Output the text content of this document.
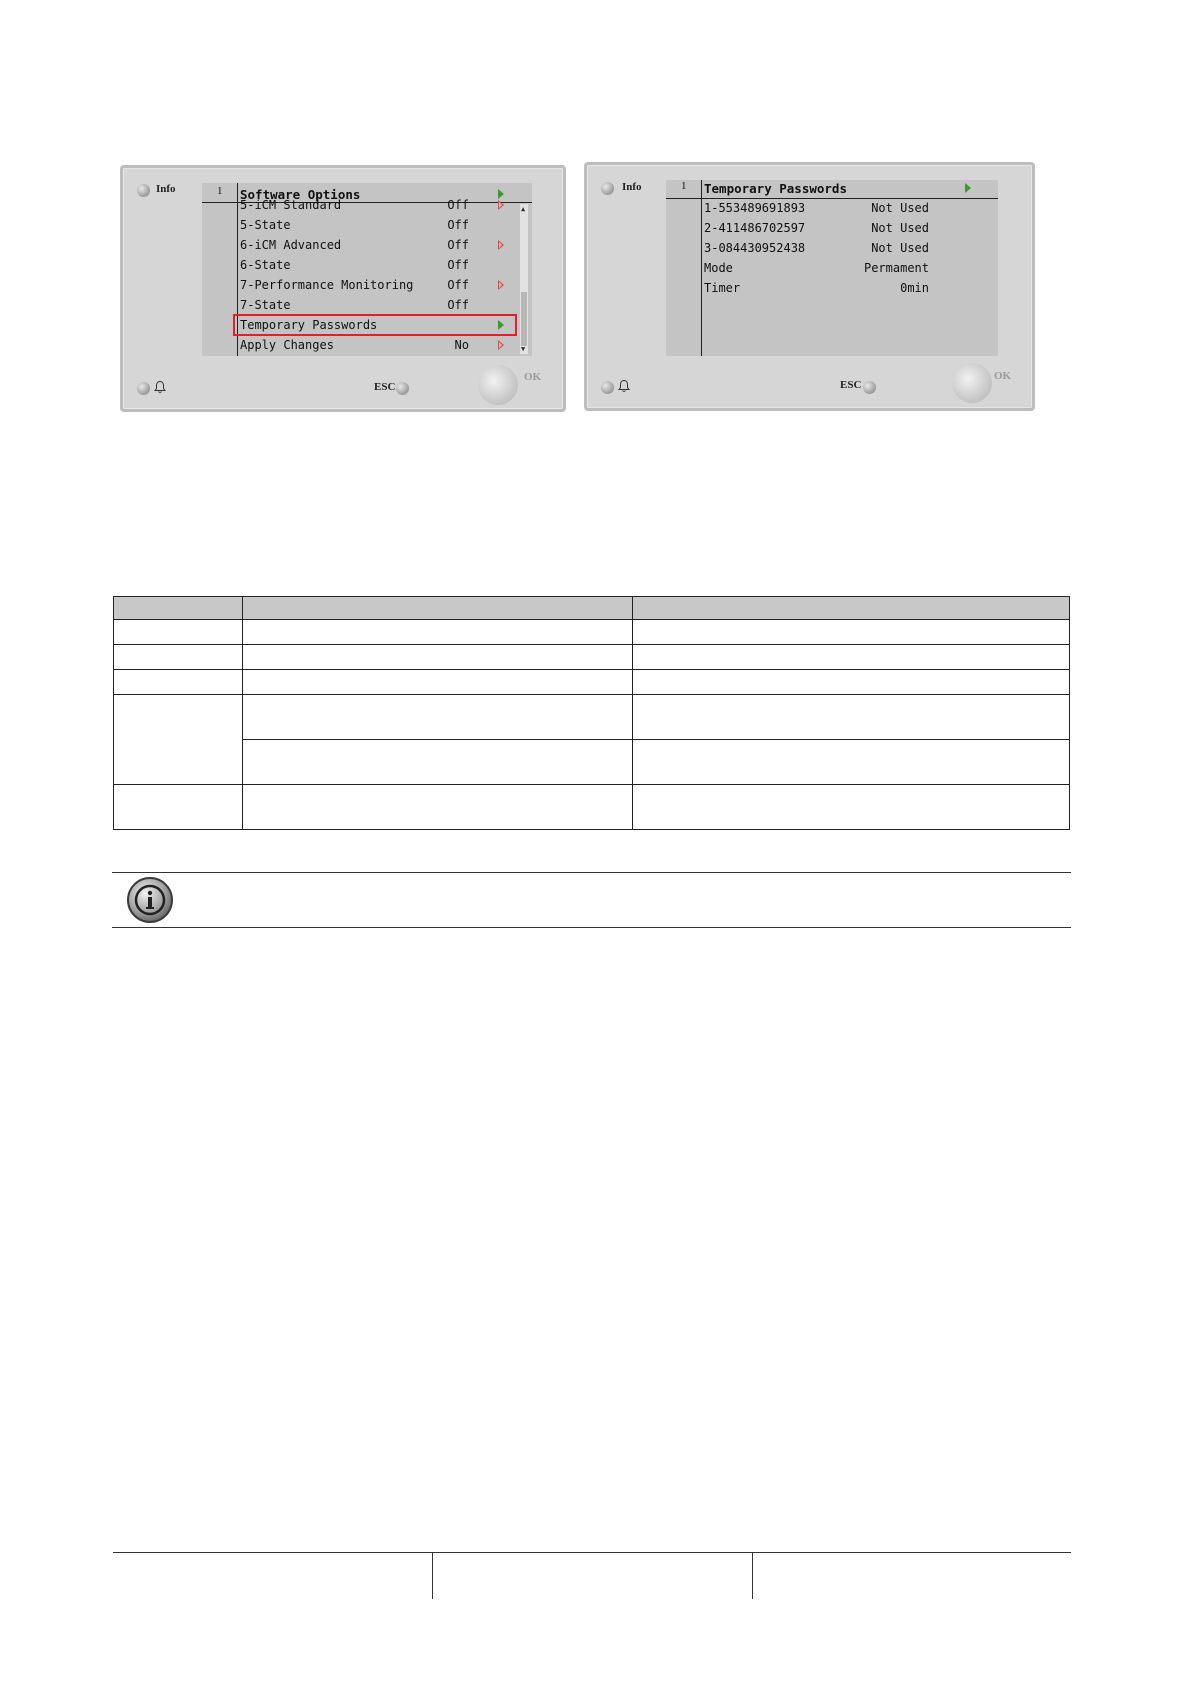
Info
ESC
OK
1 Software Options
5-iCM Standard	Off
5-State	Off
6-iCM Advanced	Off
6-State	Off
7-Performance Monitoring	Off
7-State	Off
Temporary Passwords
Apply Changes	No
▲
▼
Info
ESC
OK
1 Temporary Passwords
1-553489691893	Not Used
2-411486702597	Not Used
3-084430952438	Not Used
Mode	Permament
Timer	0min
